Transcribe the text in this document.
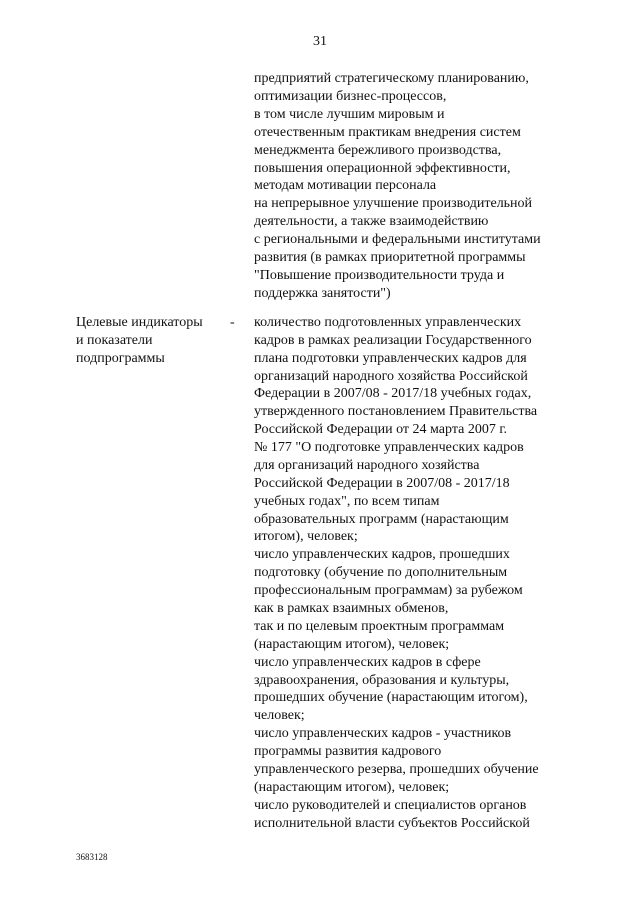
31
предприятий стратегическому планированию,
оптимизации бизнес-процессов,
в том числе лучшим мировым и
отечественным практикам внедрения систем
менеджмента бережливого производства,
повышения операционной эффективности,
методам мотивации персонала
на непрерывное улучшение производительной
деятельности, а также взаимодействию
с региональными и федеральными институтами
развития (в рамках приоритетной программы
"Повышение производительности труда и
поддержка занятости")
Целевые индикаторы
и показатели
подпрограммы
- количество подготовленных управленческих
кадров в рамках реализации Государственного
плана подготовки управленческих кадров для
организаций народного хозяйства Российской
Федерации в 2007/08 - 2017/18 учебных годах,
утвержденного постановлением Правительства
Российской Федерации от 24 марта 2007 г.
№ 177 "О подготовке управленческих кадров
для организаций народного хозяйства
Российской Федерации в 2007/08 - 2017/18
учебных годах", по всем типам
образовательных программ (нарастающим
итогом), человек;
число управленческих кадров, прошедших
подготовку (обучение по дополнительным
профессиональным программам) за рубежом
как в рамках взаимных обменов,
так и по целевым проектным программам
(нарастающим итогом), человек;
число управленческих кадров в сфере
здравоохранения, образования и культуры,
прошедших обучение (нарастающим итогом),
человек;
число управленческих кадров - участников
программы развития кадрового
управленческого резерва, прошедших обучение
(нарастающим итогом), человек;
число руководителей и специалистов органов
исполнительной власти субъектов Российской
3683128
